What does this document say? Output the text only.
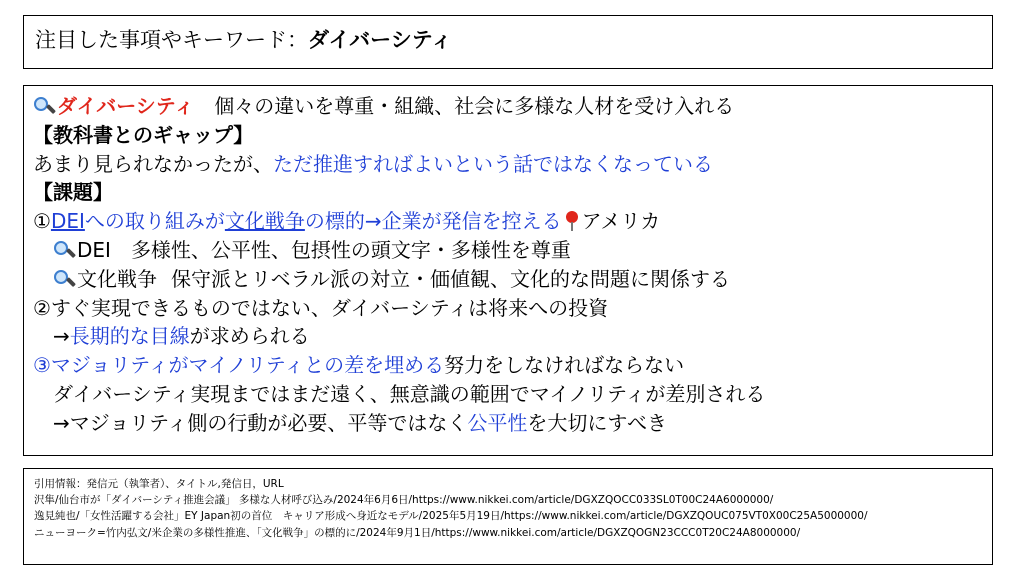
注目した事項やキーワード：ダイバーシティ
ダイバーシティ 個々の違いを尊重・組織、社会に多様な人材を受け入れる
【教科書とのギャップ】
あまり見られなかったが、ただ推進すればよいという話ではなくなっている
【課題】
①DEIへの取り組みが文化戦争の標的→企業が発信を控える アメリカ
DEI 多様性、公平性、包摂性の頭文字・多様性を尊重
文化戦争 保守派とリベラル派の対立・価値観、文化的な問題に関係する
②すぐ実現できるものではない、ダイバーシティは将来への投資
→長期的な目線が求められる
③マジョリティがマイノリティとの差を埋める努力をしなければならない
ダイバーシティ実現まではまだ遠く、無意識の範囲でマイノリティが差別される
→マジョリティ側の行動が必要、平等ではなく公平性を大切にすべき
引用情報：発信元（執筆者）、タイトル,発信日，URL
沢隼/仙台市が「ダイバーシティ推進会議」 多様な人材呼び込み/2024年6月6日/https://www.nikkei.com/article/DGXZQOCC033SL0T00C24A6000000/
逸見純也/「女性活躍する会社」EY Japan初の首位　キャリア形成へ身近なモデル/2025年5月19日/https://www.nikkei.com/article/DGXZQOUC075VT0X00C25A5000000/
ニューヨーク=竹内弘文/米企業の多様性推進、「文化戦争」の標的に/2024年9月1日/https://www.nikkei.com/article/DGXZQOGN23CCC0T20C24A8000000/
